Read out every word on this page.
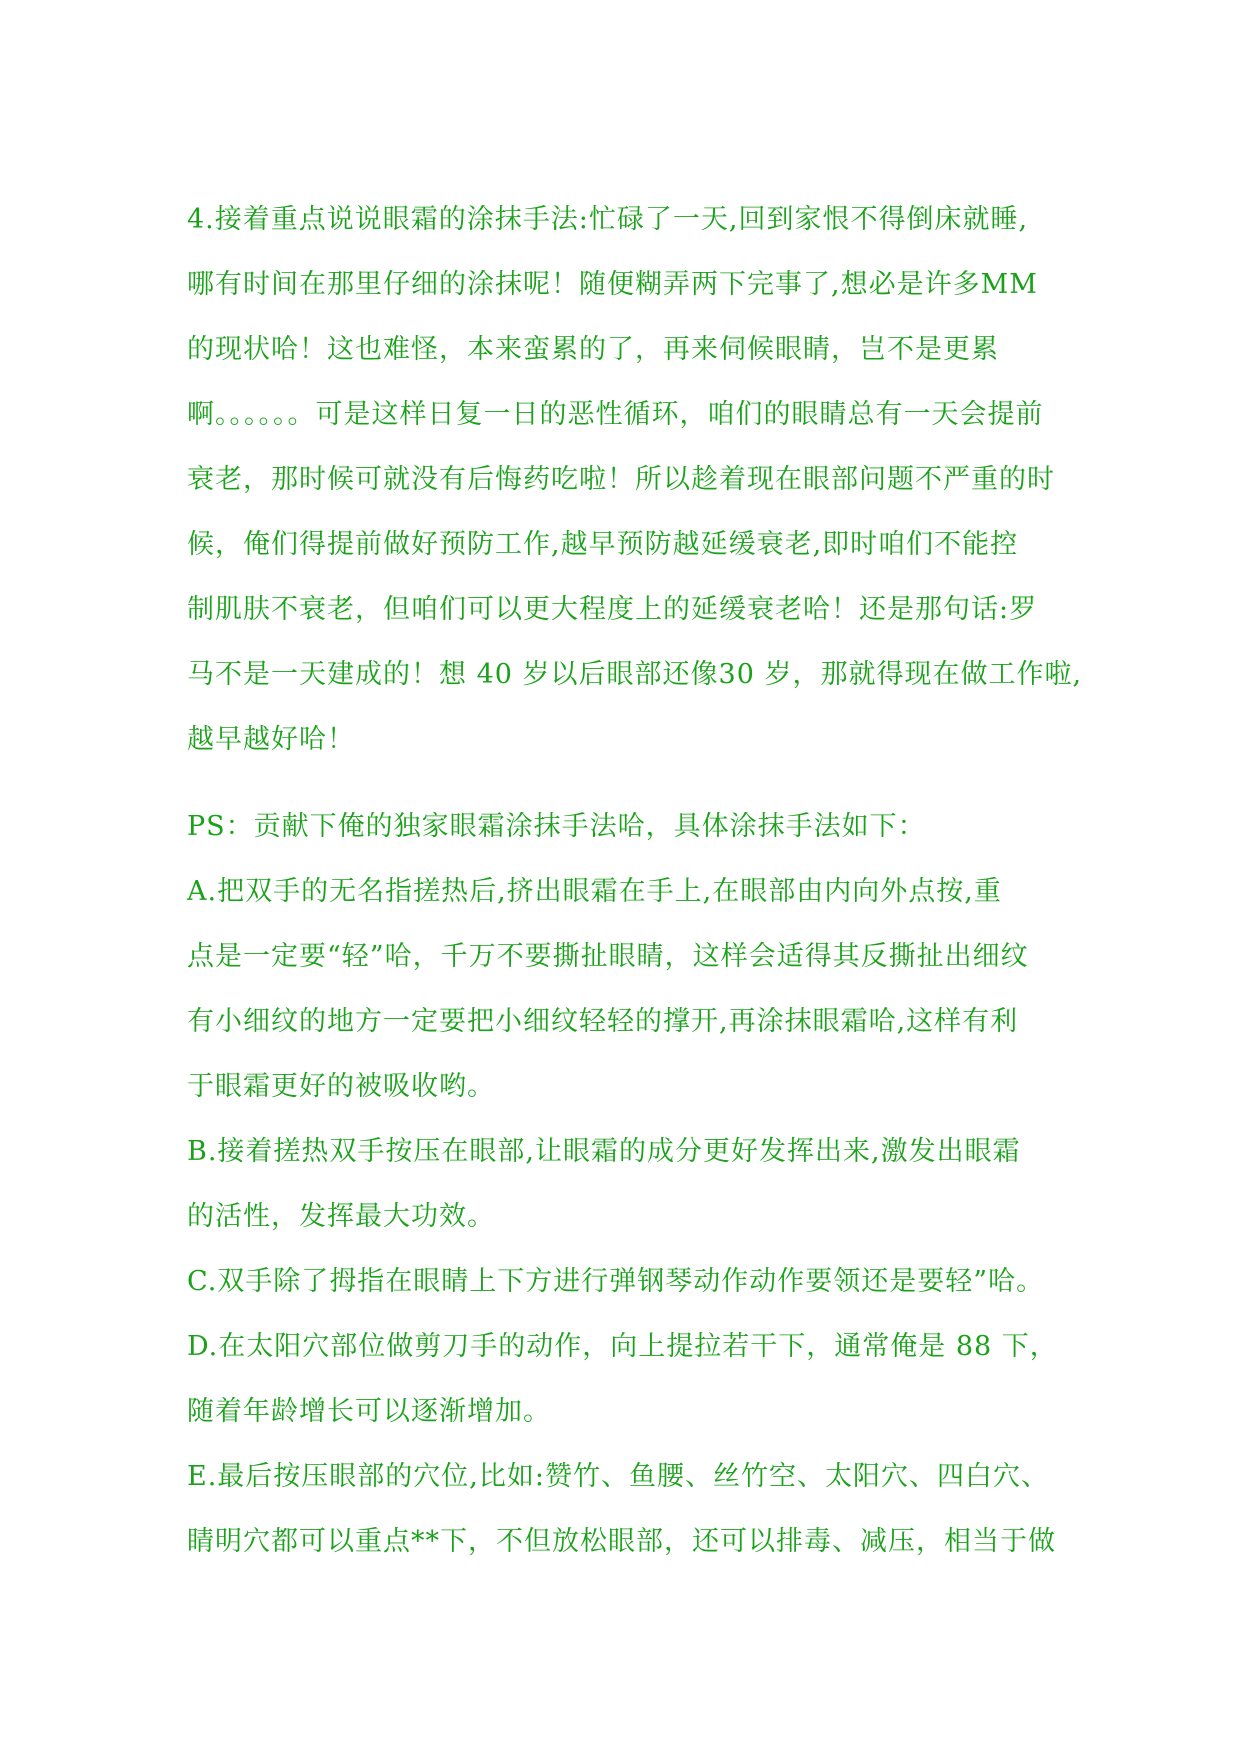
4.接着重点说说眼霜的涂抹手法:忙碌了一天,回到家恨不得倒床就睡,
哪有时间在那里仔细的涂抹呢！随便糊弄两下完事了,想必是许多MM
的现状哈！这也难怪，本来蛮累的了，再来伺候眼睛，岂不是更累
啊。。。。。。可是这样日复一日的恶性循环，咱们的眼睛总有一天会提前
衰老，那时候可就没有后悔药吃啦！所以趁着现在眼部问题不严重的时
候，俺们得提前做好预防工作,越早预防越延缓衰老,即时咱们不能控
制肌肤不衰老，但咱们可以更大程度上的延缓衰老哈！还是那句话:罗
马不是一天建成的！想 40 岁以后眼部还像30 岁，那就得现在做工作啦,
越早越好哈！
PS：贡献下俺的独家眼霜涂抹手法哈，具体涂抹手法如下：
A.把双手的无名指搓热后,挤出眼霜在手上,在眼部由内向外点按,重
点是一定要“轻”哈，千万不要撕扯眼睛，这样会适得其反撕扯出细纹
有小细纹的地方一定要把小细纹轻轻的撑开,再涂抹眼霜哈,这样有利
于眼霜更好的被吸收哟。
B.接着搓热双手按压在眼部,让眼霜的成分更好发挥出来,激发出眼霜
的活性，发挥最大功效。
C.双手除了拇指在眼睛上下方进行弹钢琴动作动作要领还是要轻”哈。
D.在太阳穴部位做剪刀手的动作，向上提拉若干下，通常俺是 88 下，
随着年龄增长可以逐渐增加。
E.最后按压眼部的穴位,比如:赞竹、鱼腰、丝竹空、太阳穴、四白穴、
睛明穴都可以重点**下，不但放松眼部，还可以排毒、减压，相当于做
